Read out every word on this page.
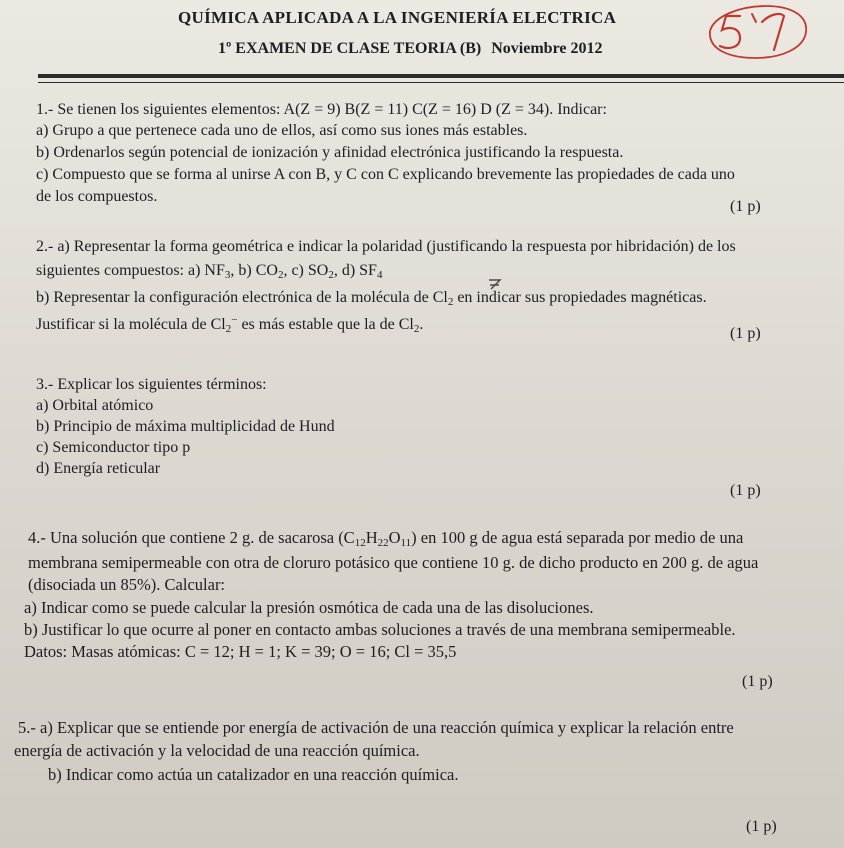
QUÍMICA APLICADA A LA INGENIERÍA ELECTRICA
1º EXAMEN DE CLASE TEORIA (B) Noviembre 2012
1.- Se tienen los siguientes elementos: A(Z = 9) B(Z = 11) C(Z = 16) D (Z = 34). Indicar:
a) Grupo a que pertenece cada uno de ellos, así como sus iones más estables.
b) Ordenarlos según potencial de ionización y afinidad electrónica justificando la respuesta.
c) Compuesto que se forma al unirse A con B, y C con C explicando brevemente las propiedades de cada uno
de los compuestos.
(1 p)
2.- a) Representar la forma geométrica e indicar la polaridad (justificando la respuesta por hibridación) de los
siguientes compuestos: a) $NF_3$, b) $CO_2$, c) $SO_2$, d) $SF_4$
b) Representar la configuración electrónica de la molécula de $Cl_2$ en indicar sus propiedades magnéticas.
Justificar si la molécula de $Cl_2^-$ es más estable que la de $Cl_2$.
(1 p)
3.- Explicar los siguientes términos:
a) Orbital atómico
b) Principio de máxima multiplicidad de Hund
c) Semiconductor tipo p
d) Energía reticular
(1 p)
4.- Una solución que contiene 2 g. de sacarosa $(C_{12}H_{22}O_{11})$ en 100 g de agua está separada por medio de una
membrana semipermeable con otra de cloruro potásico que contiene 10 g. de dicho producto en 200 g. de agua
(disociada un 85%). Calcular:
a) Indicar como se puede calcular la presión osmótica de cada una de las disoluciones.
b) Justificar lo que ocurre al poner en contacto ambas soluciones a través de una membrana semipermeable.
Datos: Masas atómicas: C = 12; H = 1; K = 39; O = 16; Cl = 35,5
(1 p)
5.- a) Explicar que se entiende por energía de activación de una reacción química y explicar la relación entre
energía de activación y la velocidad de una reacción química.
b) Indicar como actúa un catalizador en una reacción química.
(1 p)
